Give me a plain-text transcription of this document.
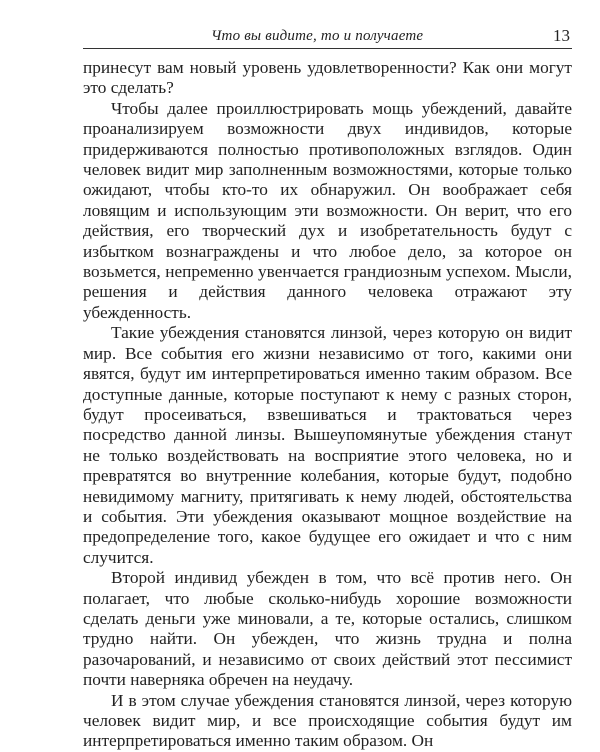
Что вы видите, то и получаете	13

принесут вам новый уровень удовлетворенности? Как они могут это сделать?

Чтобы далее проиллюстрировать мощь убеждений, давайте проанализируем возможности двух индивидов, которые придерживаются полностью противоположных взглядов. Один человек видит мир заполненным возможностями, которые только ожидают, чтобы кто-то их обнаружил. Он воображает себя ловящим и использующим эти возможности. Он верит, что его действия, его творческий дух и изобретательность будут с избытком вознаграждены и что любое дело, за которое он возьмется, непременно увенчается грандиозным успехом. Мысли, решения и действия данного человека отражают эту убежденность.

Такие убеждения становятся линзой, через которую он видит мир. Все события его жизни независимо от того, какими они явятся, будут им интерпретироваться именно таким образом. Все доступные данные, которые поступают к нему с разных сторон, будут просеиваться, взвешиваться и трактоваться через посредство данной линзы. Вышеупомянутые убеждения станут не только воздействовать на восприятие этого человека, но и превратятся во внутренние колебания, которые будут, подобно невидимому магниту, притягивать к нему людей, обстоятельства и события. Эти убеждения оказывают мощное воздействие на предопределение того, какое будущее его ожидает и что с ним случится.

Второй индивид убежден в том, что всё против него. Он полагает, что любые сколько-нибудь хорошие возможности сделать деньги уже миновали, а те, которые остались, слишком трудно найти. Он убежден, что жизнь трудна и полна разочарований, и независимо от своих действий этот пессимист почти наверняка обречен на неудачу.

И в этом случае убеждения становятся линзой, через которую человек видит мир, и все происходящие события будут им интерпретироваться именно таким образом. Он
